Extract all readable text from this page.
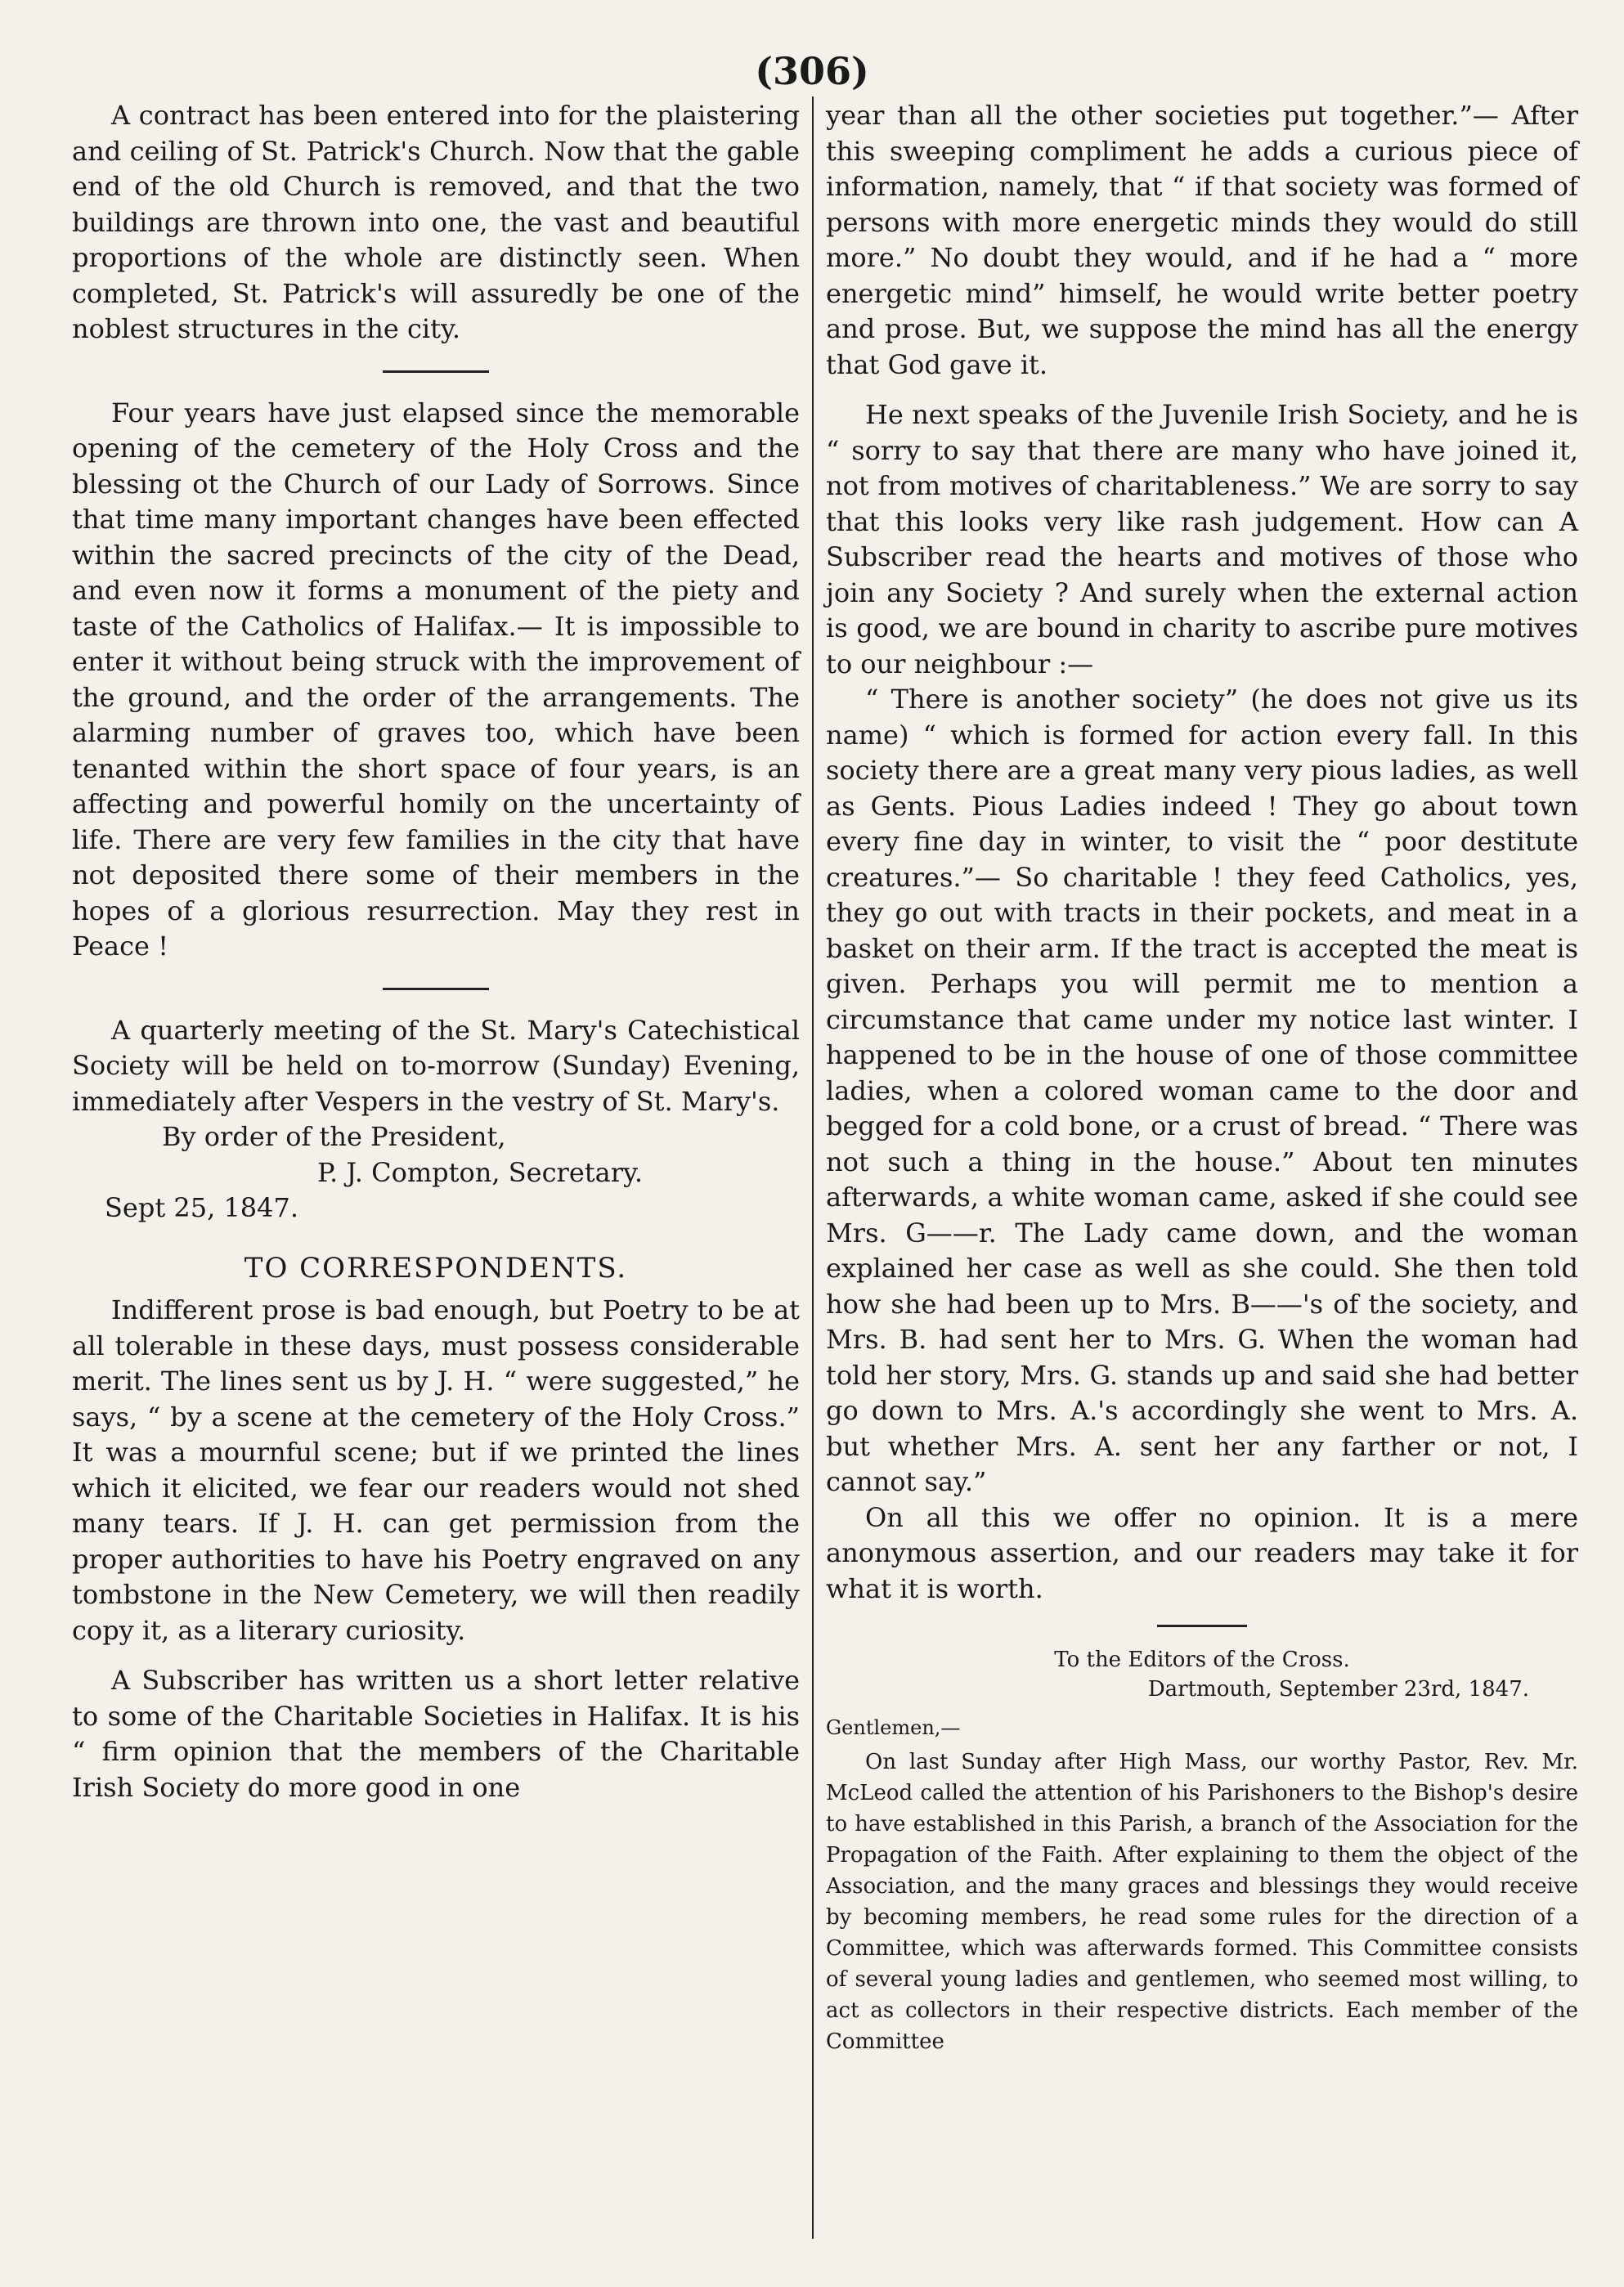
(306)

A contract has been entered into for the plaistering and ceiling of St. Patrick's Church. Now that the gable end of the old Church is removed, and that the two buildings are thrown into one, the vast and beautiful proportions of the whole are distinctly seen. When completed, St. Patrick's will assuredly be one of the noblest structures in the city.

Four years have just elapsed since the memorable opening of the cemetery of the Holy Cross and the blessing ot the Church of our Lady of Sorrows. Since that time many important changes have been effected within the sacred precincts of the city of the Dead, and even now it forms a monument of the piety and taste of the Catholics of Halifax.— It is impossible to enter it without being struck with the improvement of the ground, and the order of the arrangements. The alarming number of graves too, which have been tenanted within the short space of four years, is an affecting and powerful homily on the uncertainty of life. There are very few families in the city that have not deposited there some of their members in the hopes of a glorious resurrection. May they rest in Peace !

A quarterly meeting of the St. Mary's Catechistical Society will be held on to-morrow (Sunday) Evening, immediately after Vespers in the vestry of St. Mary's.

By order of the President,
P. J. Compton, Secretary.
Sept 25, 1847.
TO CORRESPONDENTS.

Indifferent prose is bad enough, but Poetry to be at all tolerable in these days, must possess considerable merit. The lines sent us by J. H. “ were suggested,” he says, “ by a scene at the cemetery of the Holy Cross.” It was a mournful scene; but if we printed the lines which it elicited, we fear our readers would not shed many tears. If J. H. can get permission from the proper authorities to have his Poetry engraved on any tombstone in the New Cemetery, we will then readily copy it, as a literary curiosity.

A Subscriber has written us a short letter relative to some of the Charitable Societies in Halifax. It is his “ firm opinion that the members of the Charitable Irish Society do more good in one

year than all the other societies put together.”— After this sweeping compliment he adds a curious piece of information, namely, that “ if that society was formed of persons with more energetic minds they would do still more.” No doubt they would, and if he had a “ more energetic mind” himself, he would write better poetry and prose. But, we suppose the mind has all the energy that God gave it.

He next speaks of the Juvenile Irish Society, and he is “ sorry to say that there are many who have joined it, not from motives of charitableness.” We are sorry to say that this looks very like rash judgement. How can A Subscriber read the hearts and motives of those who join any Society ? And surely when the external action is good, we are bound in charity to ascribe pure motives to our neighbour :—

“ There is another society” (he does not give us its name) “ which is formed for action every fall. In this society there are a great many very pious ladies, as well as Gents. Pious Ladies indeed ! They go about town every fine day in winter, to visit the “ poor destitute creatures.”— So charitable ! they feed Catholics, yes, they go out with tracts in their pockets, and meat in a basket on their arm. If the tract is accepted the meat is given. Perhaps you will permit me to mention a circumstance that came under my notice last winter. I happened to be in the house of one of those committee ladies, when a colored woman came to the door and begged for a cold bone, or a crust of bread. “ There was not such a thing in the house.” About ten minutes afterwards, a white woman came, asked if she could see Mrs. G——r. The Lady came down, and the woman explained her case as well as she could. She then told how she had been up to Mrs. B——'s of the society, and Mrs. B. had sent her to Mrs. G. When the woman had told her story, Mrs. G. stands up and said she had better go down to Mrs. A.'s accordingly she went to Mrs. A. but whether Mrs. A. sent her any farther or not, I cannot say.”

On all this we offer no opinion. It is a mere anonymous assertion, and our readers may take it for what it is worth.

To the Editors of the Cross.
Dartmouth, September 23rd, 1847.
Gentlemen,—

On last Sunday after High Mass, our worthy Pastor, Rev. Mr. McLeod called the attention of his Parishoners to the Bishop's desire to have established in this Parish, a branch of the Association for the Propagation of the Faith. After explaining to them the object of the Association, and the many graces and blessings they would receive by becoming members, he read some rules for the direction of a Committee, which was afterwards formed. This Committee consists of several young ladies and gentlemen, who seemed most willing, to act as collectors in their respective districts. Each member of the Committee
